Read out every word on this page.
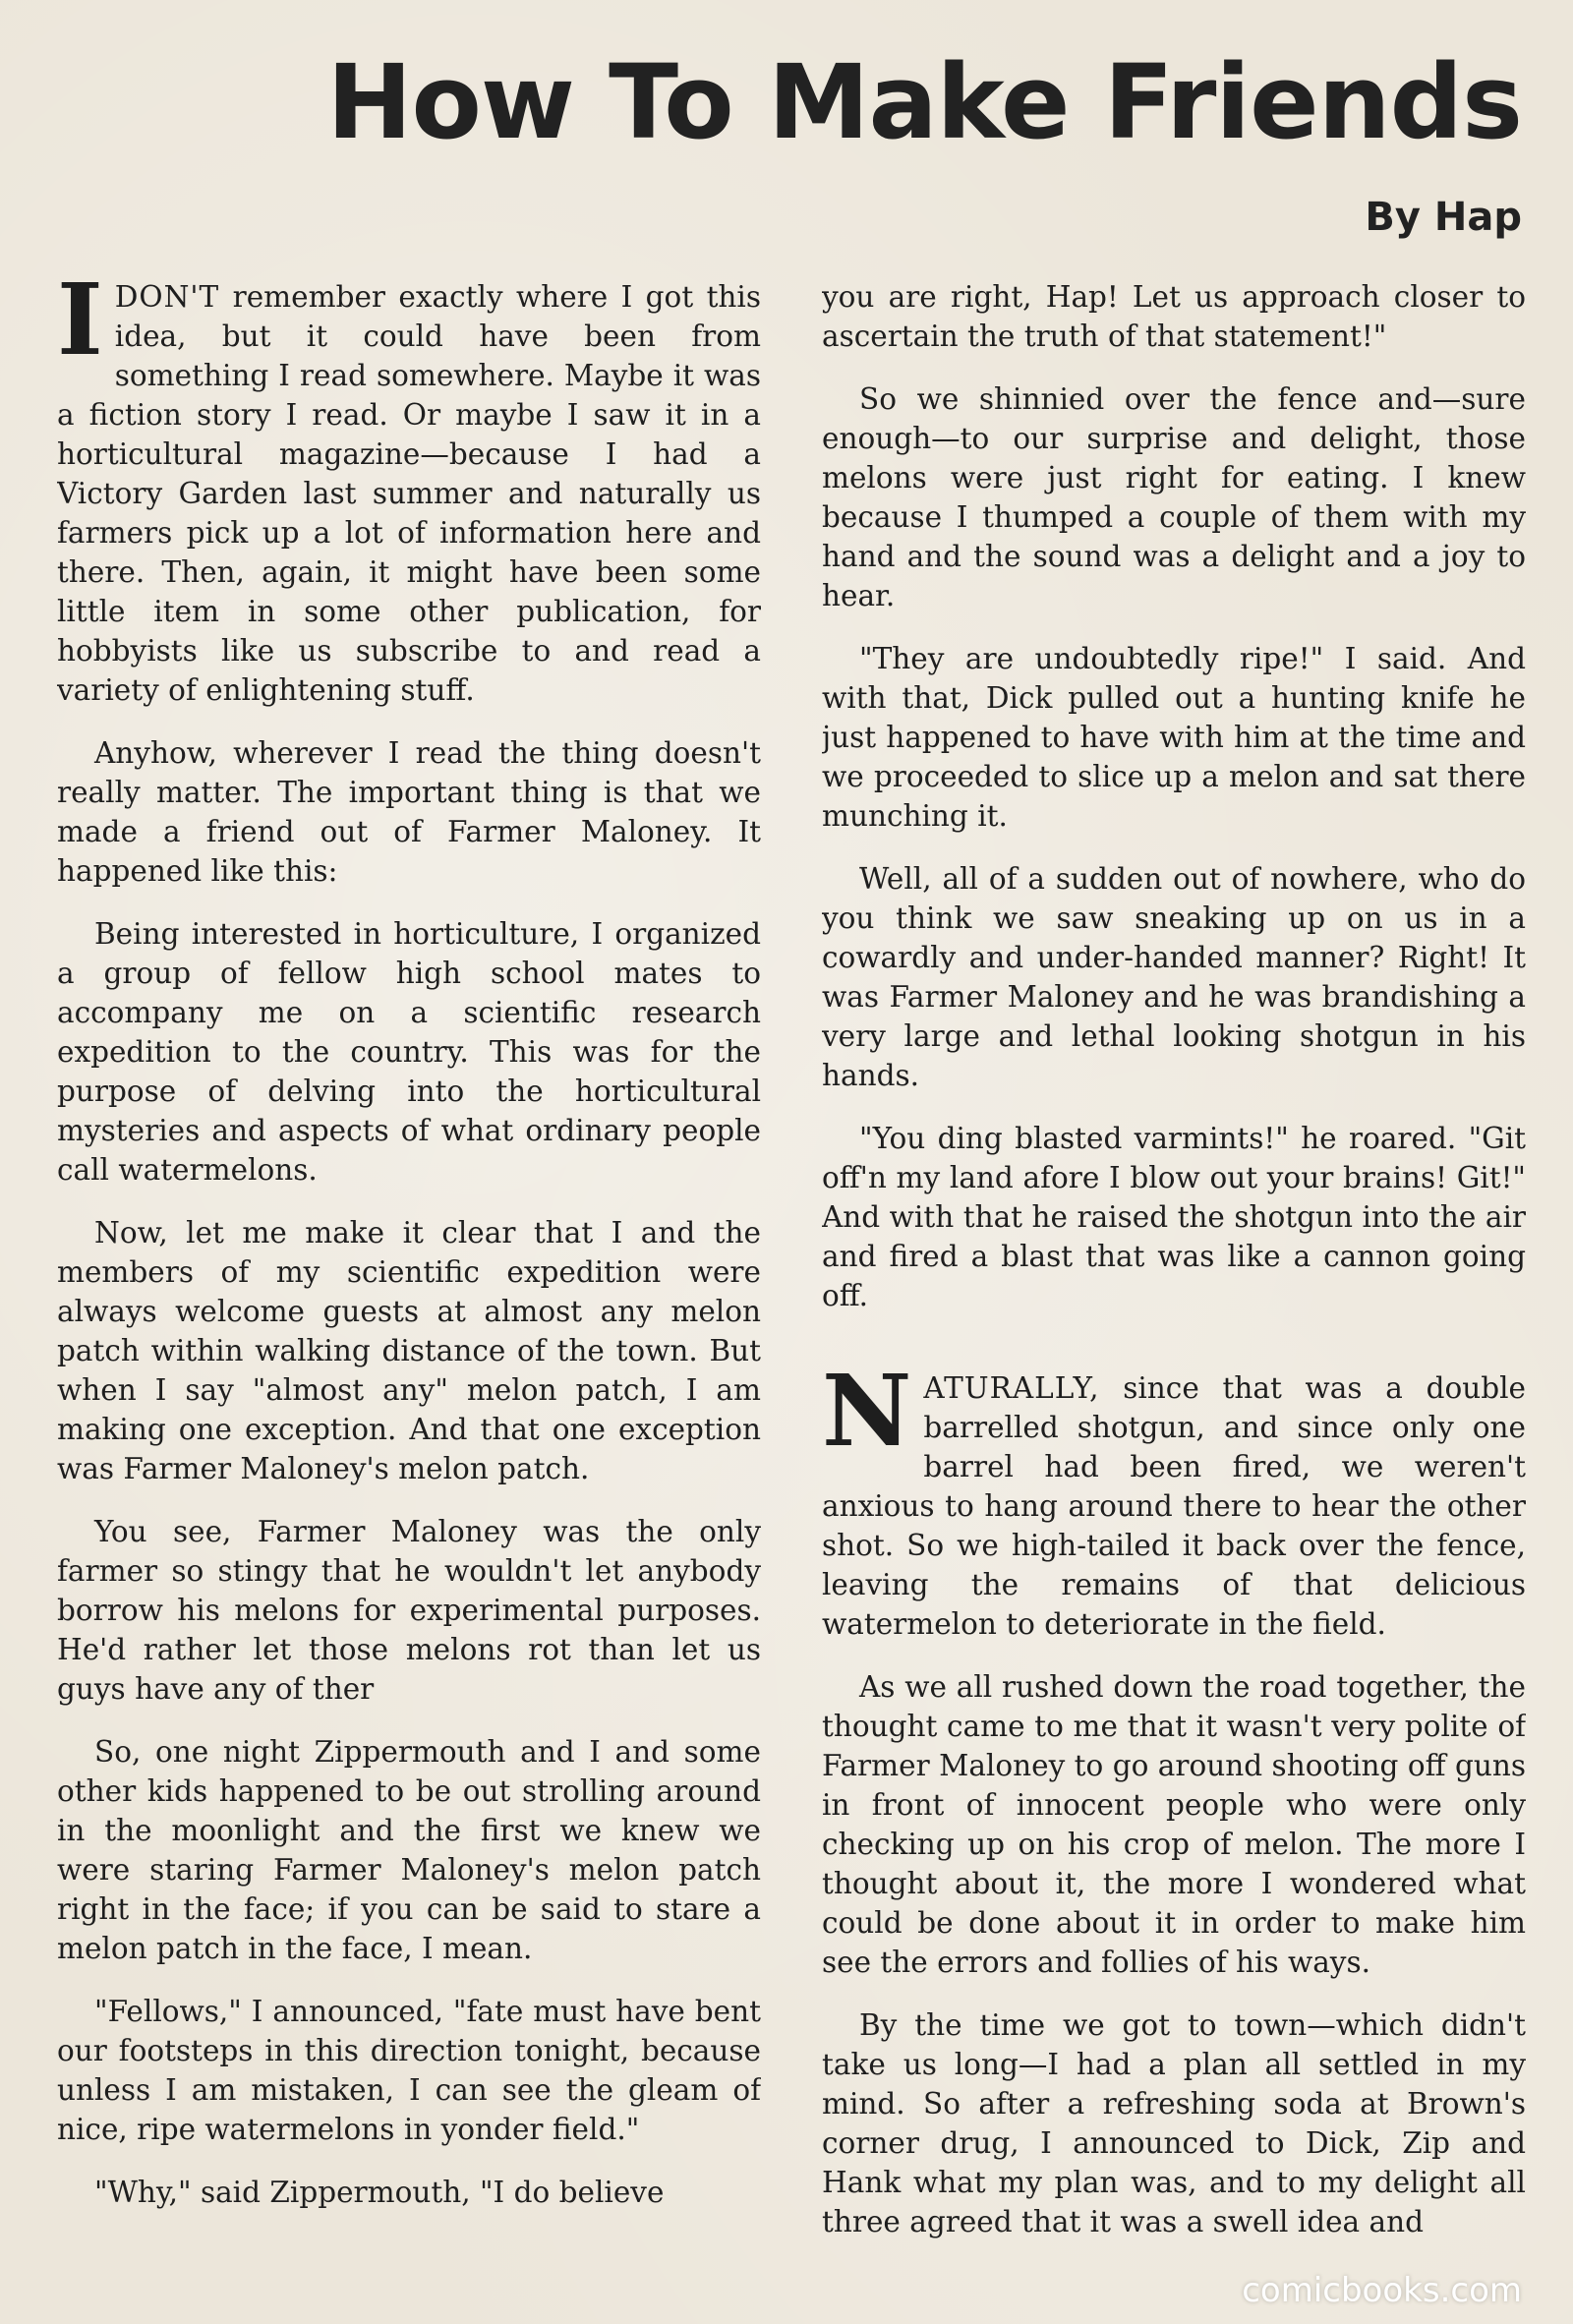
How To Make Friends
By Hap

IDON'T remember exactly where I got this idea, but it could have been from something I read somewhere. Maybe it was a fiction story I read. Or maybe I saw it in a horticultural magazine—because I had a Victory Garden last summer and naturally us farmers pick up a lot of information here and there. Then, again, it might have been some little item in some other publication, for hobbyists like us subscribe to and read a variety of enlightening stuff.

Anyhow, wherever I read the thing doesn't really matter. The important thing is that we made a friend out of Farmer Maloney. It happened like this:

Being interested in horticulture, I organized a group of fellow high school mates to accompany me on a scientific research expedition to the country. This was for the purpose of delving into the horticultural mysteries and aspects of what ordinary people call watermelons.

Now, let me make it clear that I and the members of my scientific expedition were always welcome guests at almost any melon patch within walking distance of the town. But when I say "almost any" melon patch, I am making one exception. And that one exception was Farmer Maloney's melon patch.

You see, Farmer Maloney was the only farmer so stingy that he wouldn't let anybody borrow his melons for experimental purposes. He'd rather let those melons rot than let us guys have any of ther

So, one night Zippermouth and I and some other kids happened to be out strolling around in the moonlight and the first we knew we were staring Farmer Maloney's melon patch right in the face; if you can be said to stare a melon patch in the face, I mean.

"Fellows," I announced, "fate must have bent our footsteps in this direction tonight, because unless I am mistaken, I can see the gleam of nice, ripe watermelons in yonder field."

"Why," said Zippermouth, "I do believe

you are right, Hap! Let us approach closer to ascertain the truth of that statement!"

So we shinnied over the fence and—sure enough—to our surprise and delight, those melons were just right for eating. I knew because I thumped a couple of them with my hand and the sound was a delight and a joy to hear.

"They are undoubtedly ripe!" I said. And with that, Dick pulled out a hunting knife he just happened to have with him at the time and we proceeded to slice up a melon and sat there munching it.

Well, all of a sudden out of nowhere, who do you think we saw sneaking up on us in a cowardly and under-handed manner? Right! It was Farmer Maloney and he was brandishing a very large and lethal looking shotgun in his hands.

"You ding blasted varmints!" he roared. "Git off'n my land afore I blow out your brains! Git!" And with that he raised the shotgun into the air and fired a blast that was like a cannon going off.

NATURALLY, since that was a double barrelled shotgun, and since only one barrel had been fired, we weren't anxious to hang around there to hear the other shot. So we high-tailed it back over the fence, leaving the remains of that delicious watermelon to deteriorate in the field.

As we all rushed down the road together, the thought came to me that it wasn't very polite of Farmer Maloney to go around shooting off guns in front of innocent people who were only checking up on his crop of melon. The more I thought about it, the more I wondered what could be done about it in order to make him see the errors and follies of his ways.

By the time we got to town—which didn't take us long—I had a plan all settled in my mind. So after a refreshing soda at Brown's corner drug, I announced to Dick, Zip and Hank what my plan was, and to my delight all three agreed that it was a swell idea and

comicbooks.com
